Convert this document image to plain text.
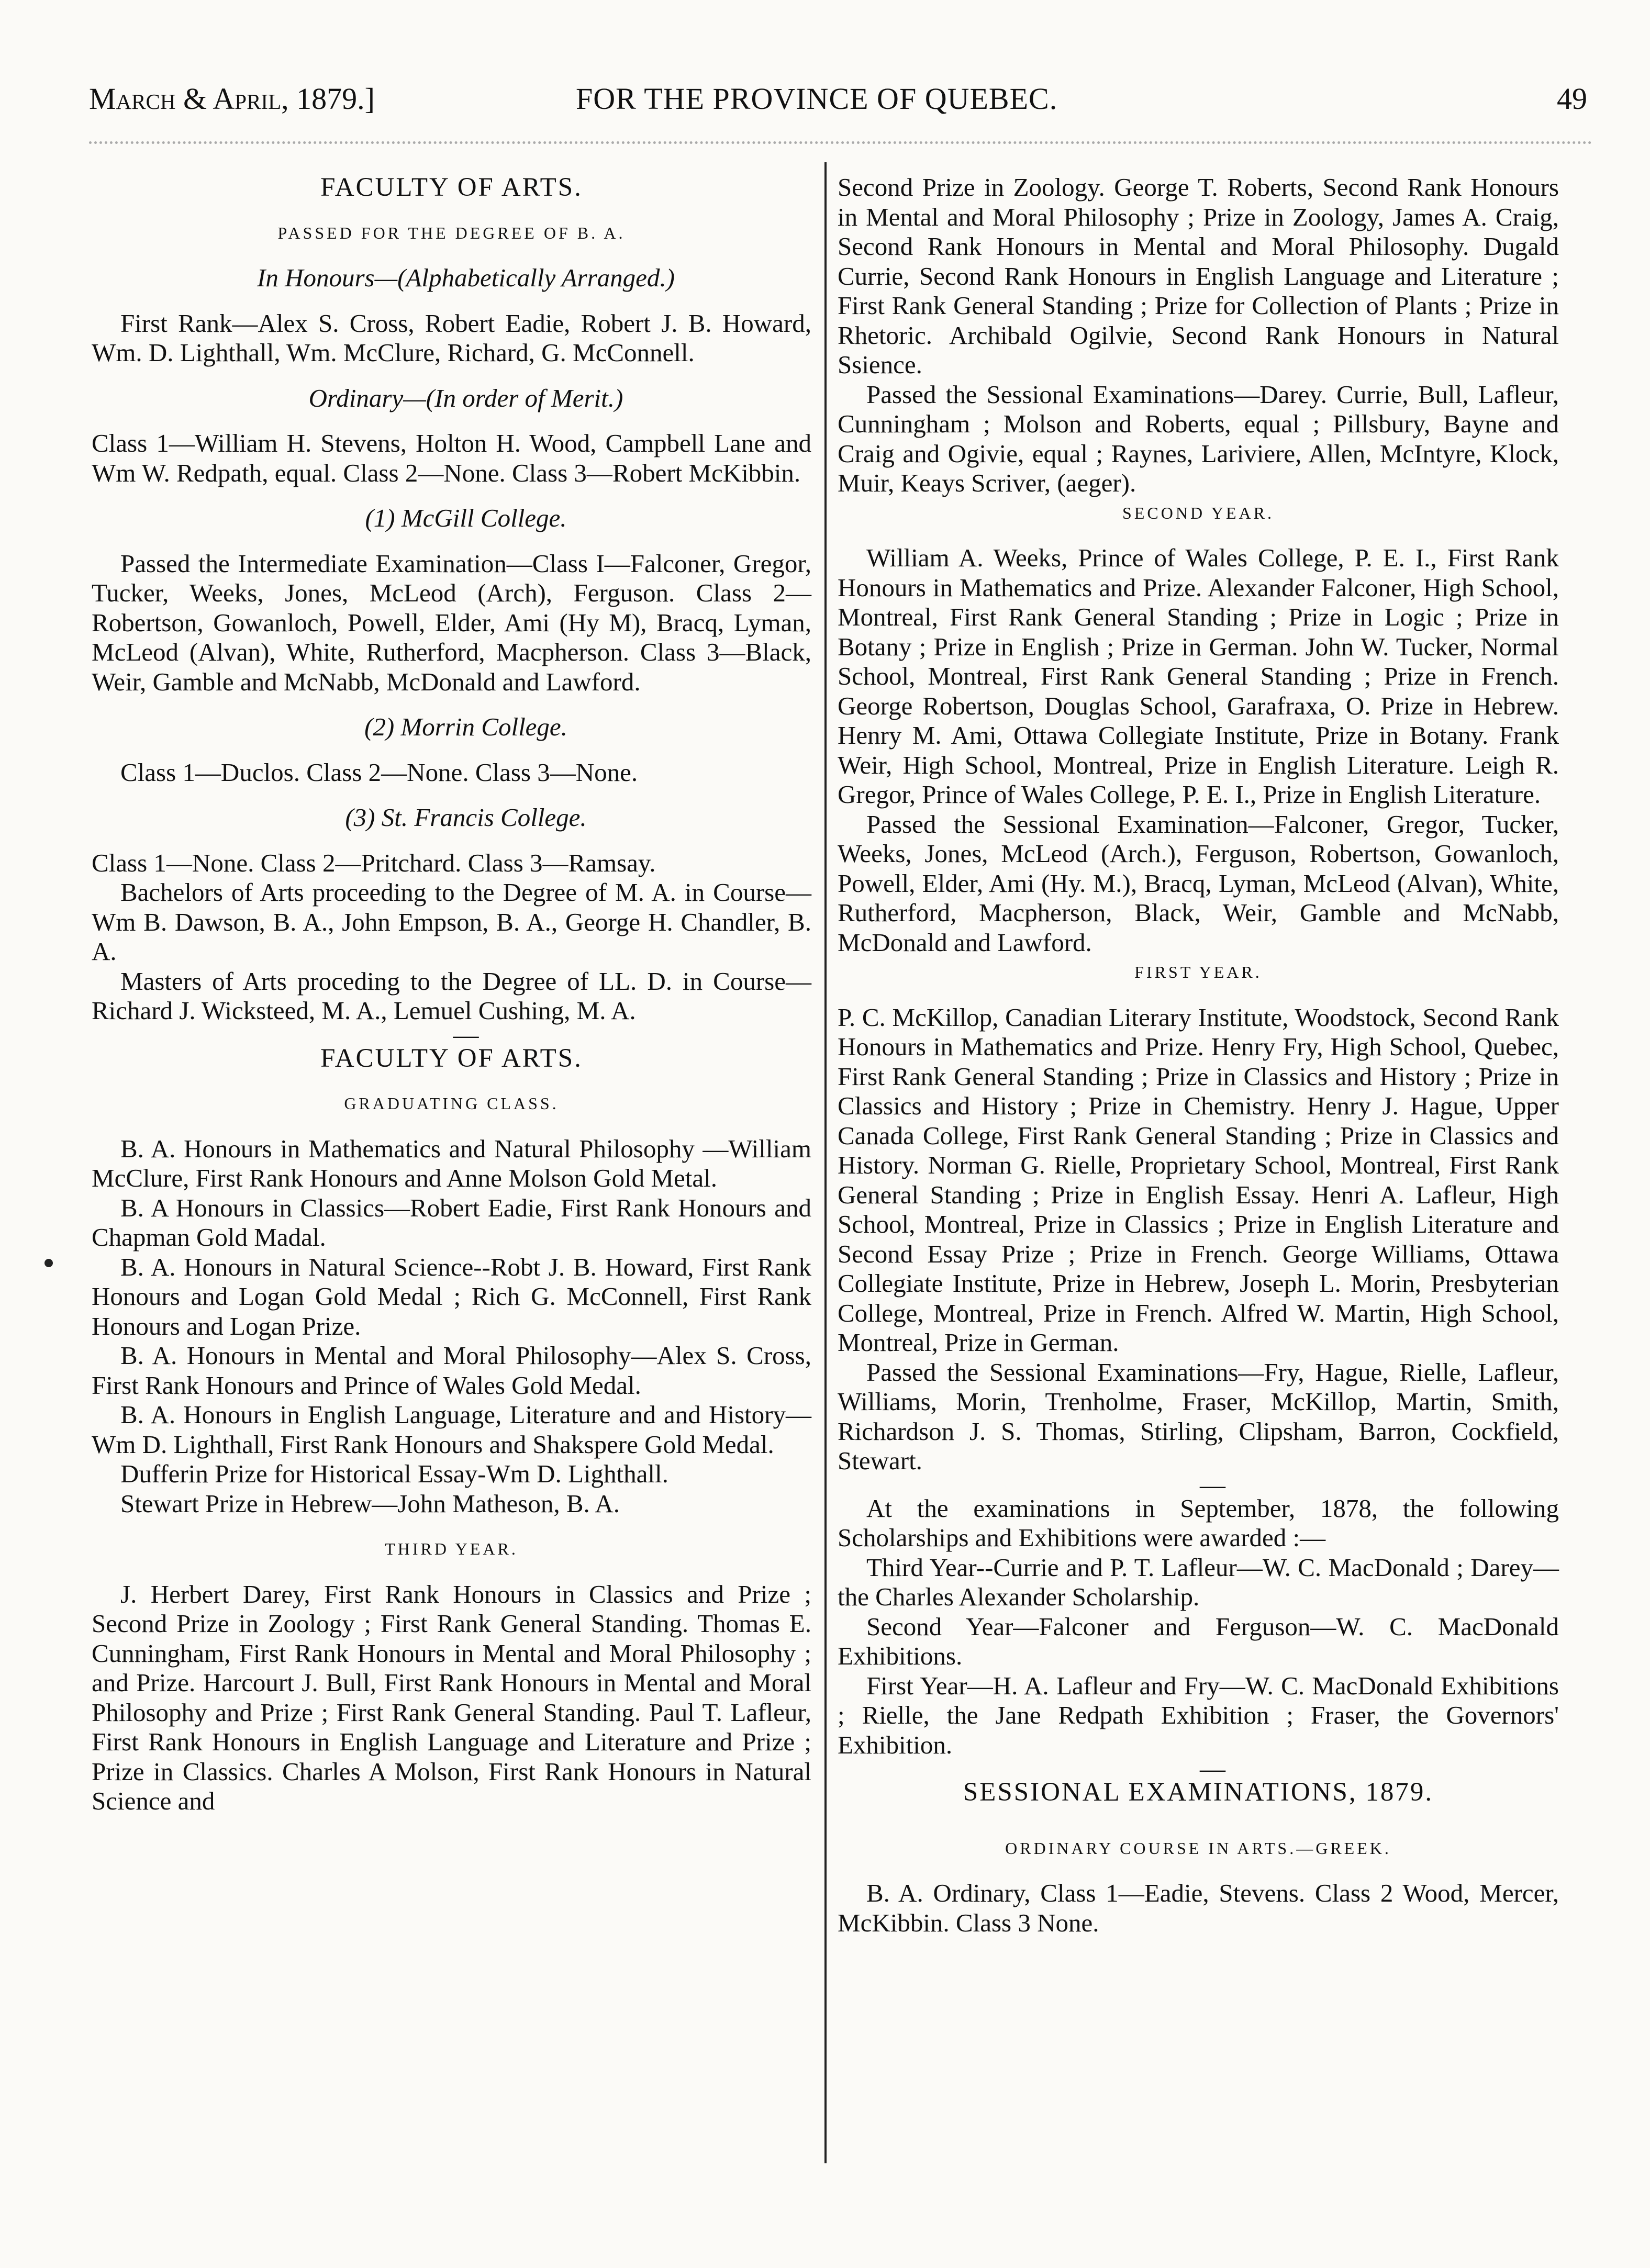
March & April, 1879.]	FOR THE PROVINCE OF QUEBEC.	49
FACULTY OF ARTS.
PASSED FOR THE DEGREE OF B. A.

In Honours—(Alphabetically Arranged.)

First Rank—Alex S. Cross, Robert Eadie, Robert J. B. Howard, Wm. D. Lighthall, Wm. McClure, Richard, G. McConnell.

Ordinary—(In order of Merit.)

Class 1—William H. Stevens, Holton H. Wood, Campbell Lane and Wm W. Redpath, equal. Class 2—None. Class 3—Robert McKibbin.

(1) McGill College.

Passed the Intermediate Examination—Class I—Falconer, Gregor, Tucker, Weeks, Jones, McLeod (Arch), Ferguson. Class 2—Robertson, Gowanloch, Powell, Elder, Ami (Hy M), Bracq, Lyman, McLeod (Alvan), White, Rutherford, Macpherson. Class 3—Black, Weir, Gamble and McNabb, McDonald and Lawford.

(2) Morrin College.

Class 1—Duclos. Class 2—None. Class 3—None.

(3) St. Francis College.

Class 1—None. Class 2—Pritchard. Class 3—Ramsay.

Bachelors of Arts proceeding to the Degree of M. A. in Course—Wm B. Dawson, B. A., John Empson, B. A., George H. Chandler, B. A.

Masters of Arts proceding to the Degree of LL. D. in Course—Richard J. Wicksteed, M. A., Lemuel Cushing, M. A.

—

FACULTY OF ARTS.
GRADUATING CLASS.

B. A. Honours in Mathematics and Natural Philosophy —William McClure, First Rank Honours and Anne Molson Gold Metal.

B. A Honours in Classics—Robert Eadie, First Rank Honours and Chapman Gold Madal.

B. A. Honours in Natural Science--Robt J. B. Howard, First Rank Honours and Logan Gold Medal ; Rich G. McConnell, First Rank Honours and Logan Prize.

B. A. Honours in Mental and Moral Philosophy—Alex S. Cross, First Rank Honours and Prince of Wales Gold Medal.

B. A. Honours in English Language, Literature and and History—Wm D. Lighthall, First Rank Honours and Shakspere Gold Medal.

Dufferin Prize for Historical Essay-Wm D. Lighthall.

Stewart Prize in Hebrew—John Matheson, B. A.

THIRD YEAR.

J. Herbert Darey, First Rank Honours in Classics and Prize ; Second Prize in Zoology ; First Rank General Standing. Thomas E. Cunningham, First Rank Honours in Mental and Moral Philosophy ; and Prize. Harcourt J. Bull, First Rank Honours in Mental and Moral Philosophy and Prize ; First Rank General Standing. Paul T. Lafleur, First Rank Honours in English Language and Literature and Prize ; Prize in Classics. Charles A Molson, First Rank Honours in Natural Science and

Second Prize in Zoology. George T. Roberts, Second Rank Honours in Mental and Moral Philosophy ; Prize in Zoology, James A. Craig, Second Rank Honours in Mental and Moral Philosophy. Dugald Currie, Second Rank Honours in English Language and Literature ; First Rank General Standing ; Prize for Collection of Plants ; Prize in Rhetoric. Archibald Ogilvie, Second Rank Honours in Natural Ssience.

Passed the Sessional Examinations—Darey. Currie, Bull, Lafleur, Cunningham ; Molson and Roberts, equal ; Pillsbury, Bayne and Craig and Ogivie, equal ; Raynes, Lariviere, Allen, McIntyre, Klock, Muir, Keays Scriver, (aeger).

SECOND YEAR.

William A. Weeks, Prince of Wales College, P. E. I., First Rank Honours in Mathematics and Prize. Alexander Falconer, High School, Montreal, First Rank General Standing ; Prize in Logic ; Prize in Botany ; Prize in English ; Prize in German. John W. Tucker, Normal School, Montreal, First Rank General Standing ; Prize in French. George Robertson, Douglas School, Garafraxa, O. Prize in Hebrew. Henry M. Ami, Ottawa Collegiate Institute, Prize in Botany. Frank Weir, High School, Montreal, Prize in English Literature. Leigh R. Gregor, Prince of Wales College, P. E. I., Prize in English Literature.

Passed the Sessional Examination—Falconer, Gregor, Tucker, Weeks, Jones, McLeod (Arch.), Ferguson, Robertson, Gowanloch, Powell, Elder, Ami (Hy. M.), Bracq, Lyman, McLeod (Alvan), White, Rutherford, Macpherson, Black, Weir, Gamble and McNabb, McDonald and Lawford.

FIRST YEAR.

P. C. McKillop, Canadian Literary Institute, Woodstock, Second Rank Honours in Mathematics and Prize. Henry Fry, High School, Quebec, First Rank General Standing ; Prize in Classics and History ; Prize in Classics and History ; Prize in Chemistry. Henry J. Hague, Upper Canada College, First Rank General Standing ; Prize in Classics and History. Norman G. Rielle, Proprietary School, Montreal, First Rank General Standing ; Prize in English Essay. Henri A. Lafleur, High School, Montreal, Prize in Classics ; Prize in English Literature and Second Essay Prize ; Prize in French. George Williams, Ottawa Collegiate Institute, Prize in Hebrew, Joseph L. Morin, Presbyterian College, Montreal, Prize in French. Alfred W. Martin, High School, Montreal, Prize in German.

Passed the Sessional Examinations—Fry, Hague, Rielle, Lafleur, Williams, Morin, Trenholme, Fraser, McKillop, Martin, Smith, Richardson J. S. Thomas, Stirling, Clipsham, Barron, Cockfield, Stewart.

—

At the examinations in September, 1878, the following Scholarships and Exhibitions were awarded :—

Third Year--Currie and P. T. Lafleur—W. C. MacDonald ; Darey—the Charles Alexander Scholarship.

Second Year—Falconer and Ferguson—W. C. MacDonald Exhibitions.

First Year—H. A. Lafleur and Fry—W. C. MacDonald Exhibitions ; Rielle, the Jane Redpath Exhibition ; Fraser, the Governors' Exhibition.

—

SESSIONAL EXAMINATIONS, 1879.
ORDINARY COURSE IN ARTS.—GREEK.

B. A. Ordinary, Class 1—Eadie, Stevens. Class 2 Wood, Mercer, McKibbin. Class 3 None.
